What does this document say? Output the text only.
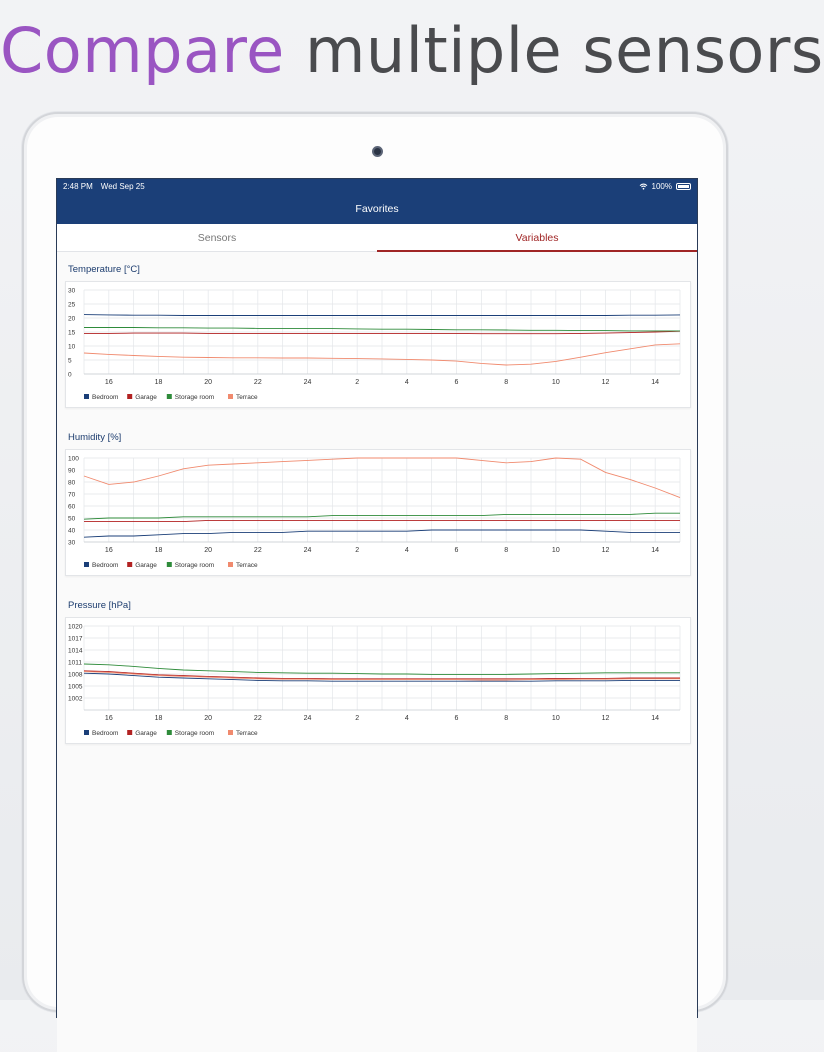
Compare multiple sensors
2:48 PM Wed Sep 25	100%
Favorites
Sensors	Variables
Temperature [°C]
0
5
10
15
20
25
30
16	18	20	22	24	2	4	6	8	10	12	14
Bedroom	Garage	Storage room	Terrace
Humidity [%]
30
40
50
60
70
80
90
100
16	18	20	22	24	2	4	6	8	10	12	14
Bedroom	Garage	Storage room	Terrace
Pressure [hPa]
1002
1005
1008
1011
1014
1017
1020
16	18	20	22	24	2	4	6	8	10	12	14
Bedroom	Garage	Storage room	Terrace
